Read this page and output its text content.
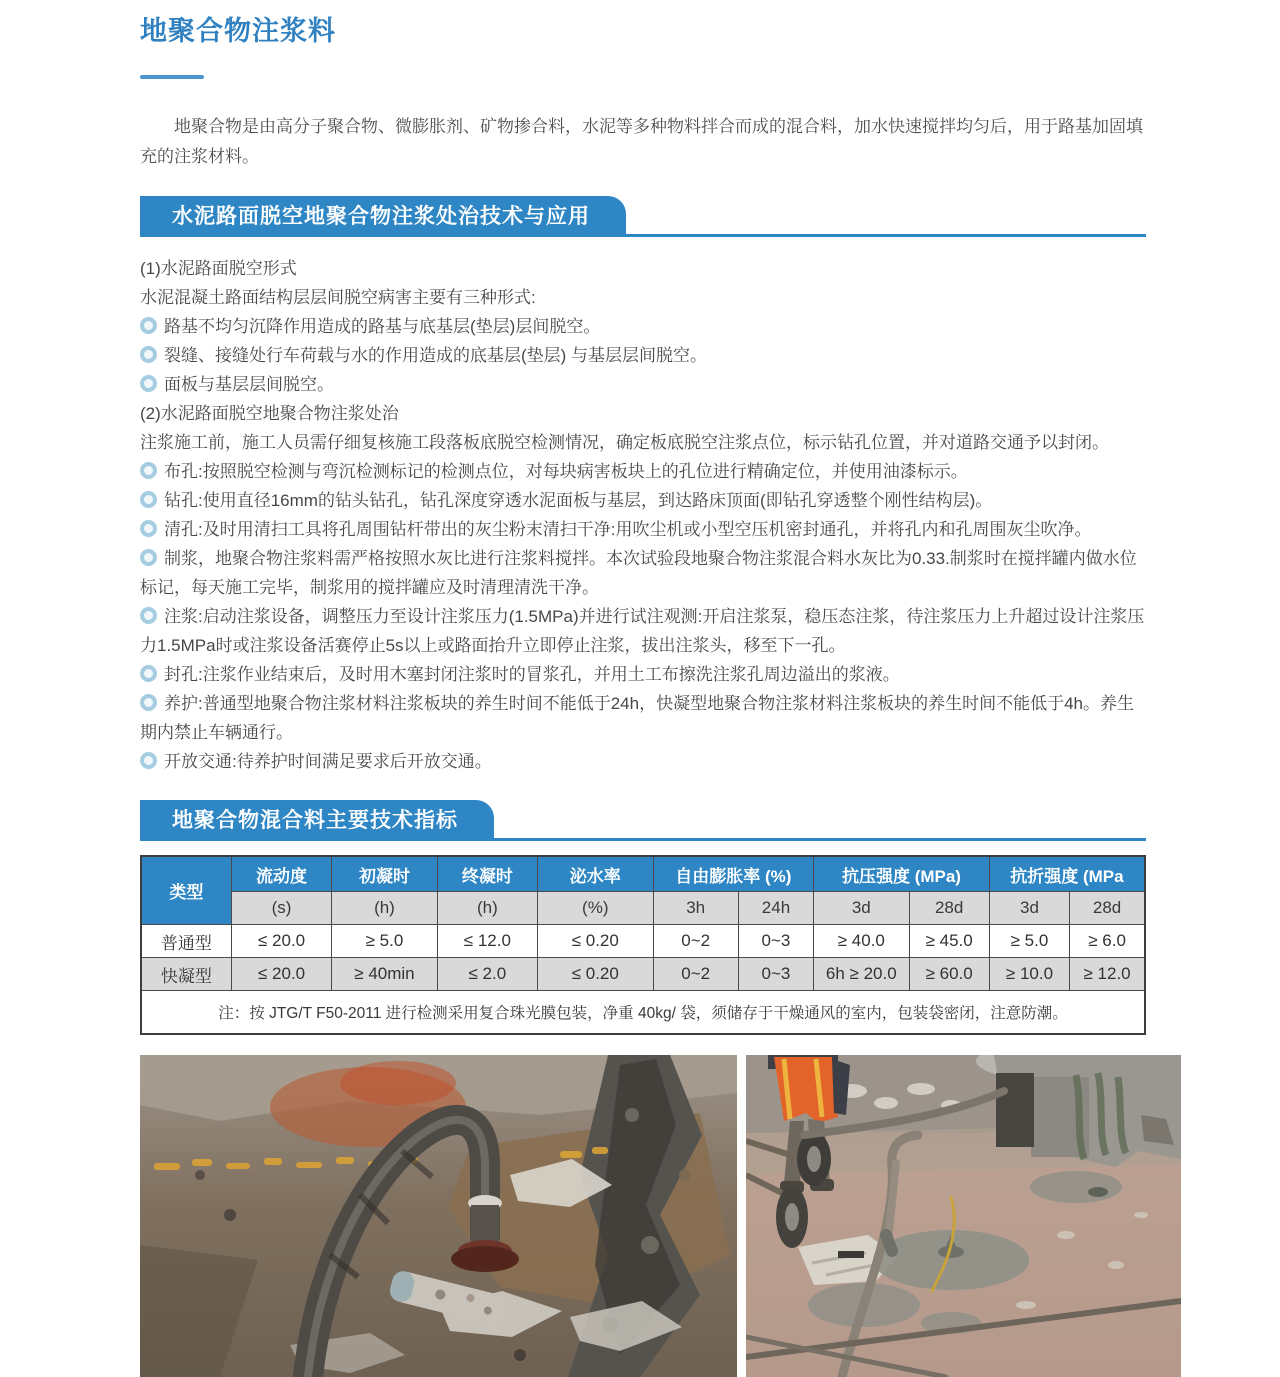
地聚合物注浆料

地聚合物是由高分子聚合物、微膨胀剂、矿物掺合料，水泥等多种物料拌合而成的混合料，加水快速搅拌均匀后，用于路基加固填充的注浆材料。

水泥路面脱空地聚合物注浆处治技术与应用
(1)水泥路面脱空形式
水泥混凝土路面结构层层间脱空病害主要有三种形式:
路基不均匀沉降作用造成的路基与底基层(垫层)层间脱空。
裂缝、接缝处行车荷载与水的作用造成的底基层(垫层) 与基层层间脱空。
面板与基层层间脱空。
(2)水泥路面脱空地聚合物注浆处治
注浆施工前，施工人员需仔细复核施工段落板底脱空检测情况，确定板底脱空注浆点位，标示钻孔位置，并对道路交通予以封闭。
布孔:按照脱空检测与弯沉检测标记的检测点位，对每块病害板块上的孔位进行精确定位，并使用油漆标示。
钻孔:使用直径16mm的钻头钻孔，钻孔深度穿透水泥面板与基层，到达路床顶面(即钻孔穿透整个刚性结构层)。
清孔:及时用清扫工具将孔周围钻杆带出的灰尘粉末清扫干净:用吹尘机或小型空压机密封通孔，并将孔内和孔周围灰尘吹净。
制浆，地聚合物注浆料需严格按照水灰比进行注浆料搅拌。本次试验段地聚合物注浆混合料水灰比为0.33.制浆时在搅拌罐内做水位标记，每天施工完毕，制浆用的搅拌罐应及时清理清洗干净。
注浆:启动注浆设备，调整压力至设计注浆压力(1.5MPa)并进行试注观测:开启注浆泵，稳压态注浆，待注浆压力上升超过设计注浆压力1.5MPa时或注浆设备活赛停止5s以上或路面抬升立即停止注浆，拔出注浆头，移至下一孔。
封孔:注浆作业结束后，及时用木塞封闭注浆时的冒浆孔，并用土工布擦洗注浆孔周边溢出的浆液。
养护:普通型地聚合物注浆材料注浆板块的养生时间不能低于24h，快凝型地聚合物注浆材料注浆板块的养生时间不能低于4h。养生期内禁止车辆通行。
开放交通:待养护时间满足要求后开放交通。
地聚合物混合料主要技术指标
类型	流动度	初凝时	终凝时	泌水率	自由膨胀率 (%)		抗压强度 (MPa)		抗折强度 (MPa	
	(s)	(h)	(h)	(%)	3h	24h	3d	28d	3d	28d
普通型	≤ 20.0	≥ 5.0	≤ 12.0	≤ 0.20	0~2	0~3	≥ 40.0	≥ 45.0	≥ 5.0	≥ 6.0
快凝型	≤ 20.0	≥ 40min	≤ 2.0	≤ 0.20	0~2	0~3	6h ≥ 20.0	≥ 60.0	≥ 10.0	≥ 12.0
注：按 JTG/T F50-2011 进行检测采用复合珠光膜包装，净重 40kg/ 袋，须储存于干燥通风的室内，包装袋密闭，注意防潮。										
